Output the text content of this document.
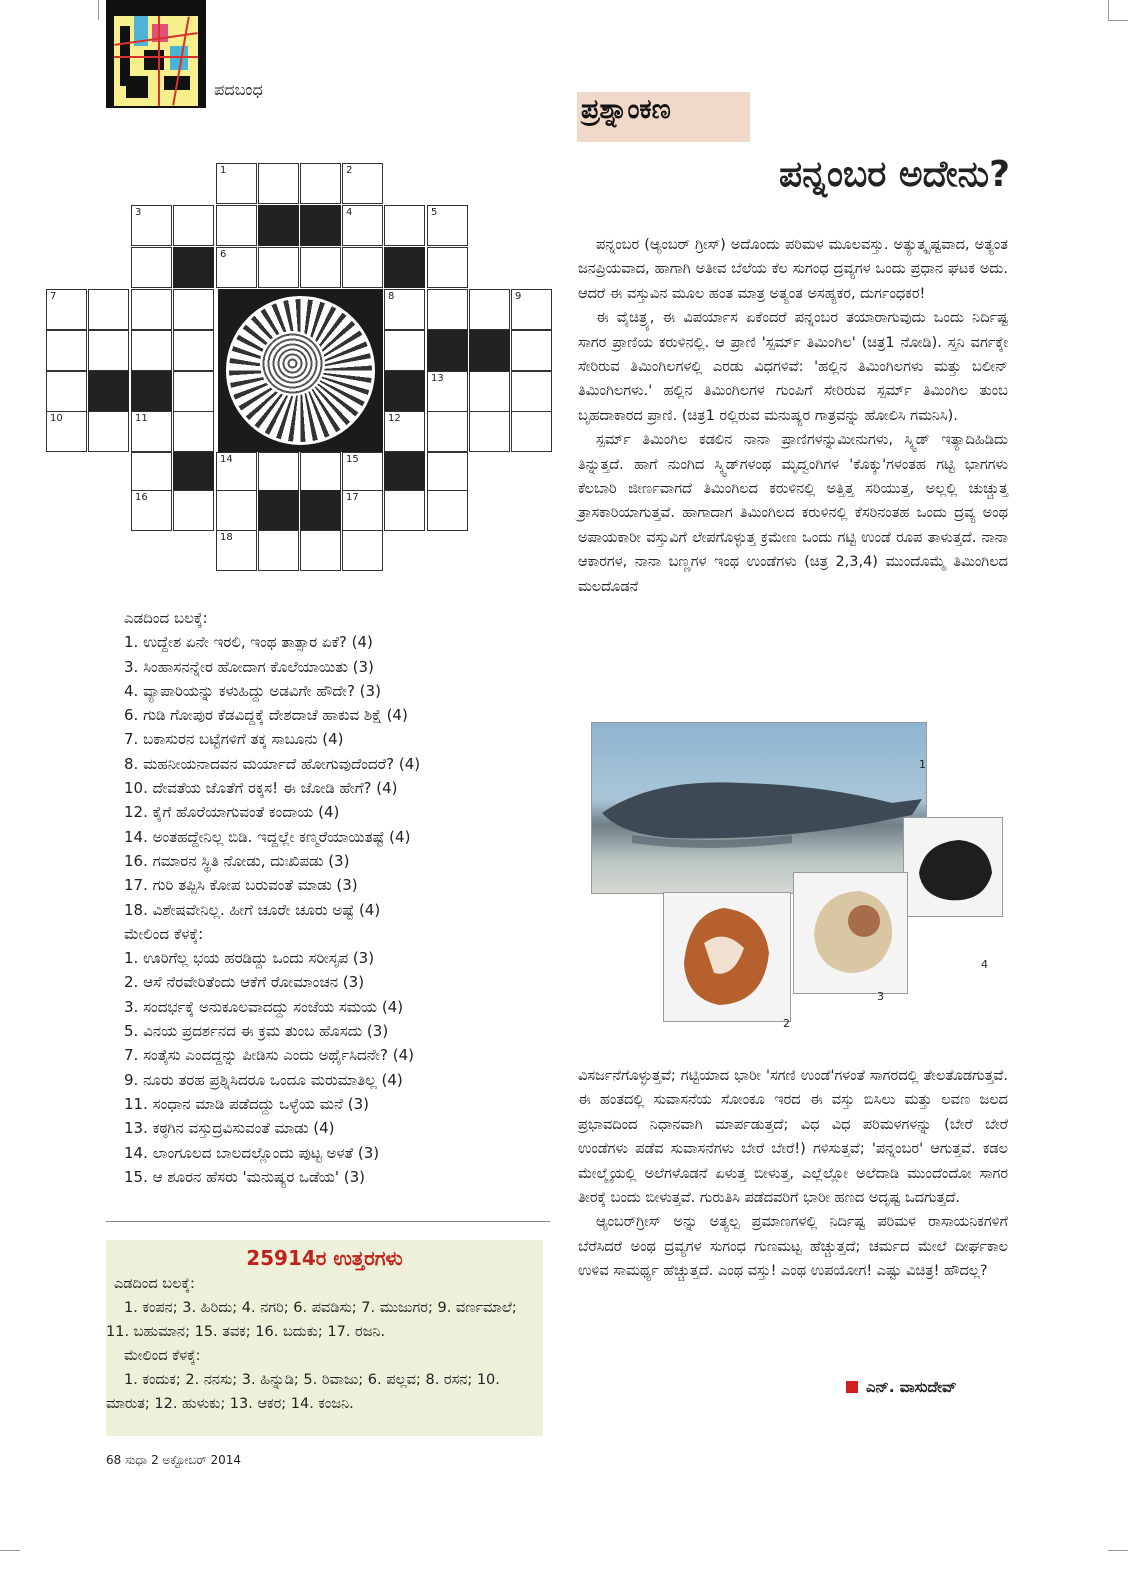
ಪದಬಂಧ
1	2
3	4	5
6
7	8	9
13
10	11	12
14	15
16	17
18
ಎಡದಿಂದ ಬಲಕ್ಕೆ:
1. ಉದ್ದೇಶ ಏನೇ ಇರಲಿ, ಇಂಥ ತಾತ್ಸಾರ ಏಕೆ? (4)
3. ಸಿಂಹಾಸನನ್ನೇರ ಹೋದಾಗ ಕೊಲೆಯಾಯಿತು (3)
4. ವ್ಯಾಪಾರಿಯನ್ನು ಕಳುಹಿದ್ದು ಅಡವಿಗೇ ಹೌದೇ? (3)
6. ಗುಡಿ ಗೋಪುರ ಕೆಡವಿದ್ದಕ್ಕೆ ದೇಶದಾಚೆ ಹಾಕುವ ಶಿಕ್ಷೆ (4)
7. ಬಕಾಸುರನ ಬಟ್ಟೆಗಳಿಗೆ ತಕ್ಕ ಸಾಬೂನು (4)
8. ಮಹನೀಯನಾದವನ ಮರ್ಯಾದೆ ಹೋಗುವುದೆಂದರೆ? (4)
10. ದೇವತೆಯ ಜೊತೆಗೆ ರಕ್ಕಸ! ಈ ಜೋಡಿ ಹೇಗೆ? (4)
12. ಕೈಗೆ ಹೊರೆಯಾಗುವಂತೆ ಕಂದಾಯ (4)
14. ಅಂತಹದ್ದೇನಿಲ್ಲ ಬಿಡಿ. ಇದ್ದಲ್ಲೇ ಕಣ್ಮರೆಯಾಯಿತಷ್ಟೆ (4)
16. ಗಮಾರನ ಸ್ಥಿತಿ ನೋಡು, ದುಃಖಿಪಡು (3)
17. ಗುರಿ ತಪ್ಪಿಸಿ ಕೋಪ ಬರುವಂತೆ ಮಾಡು (3)
18. ವಿಶೇಷವೇನಿಲ್ಲ. ಹೀಗೆ ಚೂರೇ ಚೂರು ಅಷ್ಟೆ (4)
ಮೇಲಿಂದ ಕೆಳಕ್ಕೆ:
1. ಊರಿಗೆಲ್ಲ ಭಯ ಹರಡಿದ್ದು ಒಂದು ಸರೀಸೃಪ (3)
2. ಆಸೆ ನೆರವೇರಿತೆಂದು ಆಕೆಗೆ ರೋಮಾಂಚನ (3)
3. ಸಂದರ್ಭಕ್ಕೆ ಅನುಕೂಲವಾದದ್ದು ಸಂಜೆಯ ಸಮಯ (4)
5. ವಿನಯ ಪ್ರದರ್ಶನದ ಈ ಕ್ರಮ ತುಂಬ ಹೊಸದು (3)
7. ಸಂತೈಸು ಎಂದದ್ದನ್ನು ಪೀಡಿಸು ಎಂದು ಅರ್ಥೈಸಿದನೇ? (4)
9. ನೂರು ತರಹ ಪ್ರಶ್ನಿಸಿದರೂ ಒಂದೂ ಮರುಮಾತಿಲ್ಲ (4)
11. ಸಂಧಾನ ಮಾಡಿ ಪಡೆದದ್ದು ಒಳ್ಳೆಯ ಮನೆ (3)
13. ಕಠ್ಠಗಿನ ವಸ್ತುದ್ರವಿಸುವಂತೆ ಮಾಡು (4)
14. ಲಾಂಗೂಲದ ಬಾಲದಲ್ಲೊಂದು ಪುಟ್ಟ ಅಳತೆ (3)
15. ಆ ಶೂರನ ಹೆಸರು 'ಮನುಷ್ಯರ ಒಡೆಯ' (3)
25914ರ ಉತ್ತರಗಳು
ಎಡದಿಂದ ಬಲಕ್ಕೆ:
1. ಕಂಪನ; 3. ಹಿರಿದು; 4. ನಗರಿ; 6. ಪವಡಿಸು; 7. ಮುಜುಗರ; 9. ವರ್ಣಮಾಲೆ; 11. ಬಹುಮಾನ; 15. ತವಕ; 16. ಬದುಕು; 17. ರಜನಿ.
ಮೇಲಿಂದ ಕೆಳಕ್ಕೆ:
1. ಕಂದುಕ; 2. ನನಸು; 3. ಹಿನ್ನುಡಿ; 5. ರಿವಾಜು; 6. ಪಲ್ಲವ; 8. ರಸನ; 10. ಮಾರುತ; 12. ಹುಳುಕು; 13. ಆಕರ; 14. ಕಂಜನಿ.
ಪ್ರಶ್ನಾಂಕಣ
ಪನ್ನಂಬರ ಅದೇನು?

ಪನ್ನಂಬರ (ಆ್ಯಂಬರ್ ಗ್ರೀಸ್) ಅದೊಂದು ಪರಿಮಳ ಮೂಲವಸ್ತು. ಅತ್ಯುತ್ಕೃಷ್ಟವಾದ, ಅತ್ಯಂತ ಜನಪ್ರಿಯವಾದ, ಹಾಗಾಗಿ ಅತೀವ ಬೆಲೆಯ ಕೆಲ ಸುಗಂಧ ದ್ರವ್ಯಗಳ ಒಂದು ಪ್ರಧಾನ ಘಟಕ ಅದು. ಆದರೆ ಈ ವಸ್ತುವಿನ ಮೂಲ ಹಂತ ಮಾತ್ರ ಅತ್ಯಂತ ಅಸಹ್ಯಕರ, ದುರ್ಗಂಧಕರ!

ಈ ವೈಚಿತ್ರ್ಯ, ಈ ವಿಪರ್ಯಾಸ ಏಕೆಂದರೆ ಪನ್ನಂಬರ ತಯಾರಾಗುವುದು ಒಂದು ನಿರ್ದಿಷ್ಟ ಸಾಗರ ಪ್ರಾಣಿಯ ಕರುಳಿನಲ್ಲಿ. ಆ ಪ್ರಾಣಿ 'ಸ್ಪರ್ಮ್ ತಿಮಿಂಗಿಲ' (ಚಿತ್ರ1 ನೋಡಿ). ಸ್ತನಿ ವರ್ಗಕ್ಕೇ ಸೇರಿರುವ ತಿಮಿಂಗಿಲಗಳಲ್ಲಿ ಎರಡು ವಿಧಗಳಿವೆ: 'ಹಲ್ಲಿನ ತಿಮಿಂಗಿಲಗಳು ಮತ್ತು ಬಲೀನ್ ತಿಮಿಂಗಿಲಗಳು.' ಹಲ್ಲಿನ ತಿಮಿಂಗಿಲಗಳ ಗುಂಪಿಗೆ ಸೇರಿರುವ ಸ್ಪರ್ಮ್ ತಿಮಿಂಗಿಲ ತುಂಬ ಬೃಹದಾಕಾರದ ಪ್ರಾಣಿ. (ಚಿತ್ರ1 ರಲ್ಲಿರುವ ಮನುಷ್ಯರ ಗಾತ್ರವನ್ನು ಹೋಲಿಸಿ ಗಮನಿಸಿ).

ಸ್ಪರ್ಮ್ ತಿಮಿಂಗಿಲ ಕಡಲಿನ ನಾನಾ ಪ್ರಾಣಿಗಳನ್ನುಮೀನುಗಳು, ಸ್ಕ್ವಿಡ್ ಇತ್ಯಾದಿಹಿಡಿದು ತಿನ್ನುತ್ತದೆ. ಹಾಗೆ ನುಂಗಿದ ಸ್ಕ್ವಿಡ್‌ಗಳಂಥ ಮೃದ್ವಂಗಿಗಳ 'ಕೊಕ್ಕು'ಗಳಂತಹ ಗಟ್ಟಿ ಭಾಗಗಳು ಕೆಲಬಾರಿ ಜೀರ್ಣವಾಗದೆ ತಿಮಿಂಗಿಲದ ಕರುಳಿನಲ್ಲಿ ಅತ್ತಿತ್ತ ಸರಿಯುತ್ತ, ಅಲ್ಲಲ್ಲಿ ಚುಚ್ಚುತ್ತ ತ್ರಾಸಕಾರಿಯಾಗುತ್ತವೆ. ಹಾಗಾದಾಗ ತಿಮಿಂಗಿಲದ ಕರುಳಿನಲ್ಲಿ ಕೆಸರಿನಂತಹ ಒಂದು ದ್ರವ್ಯ ಅಂಥ ಅಪಾಯಕಾರೀ ವಸ್ತುವಿಗೆ ಲೇಪಗೊಳ್ಳುತ್ತ ಕ್ರಮೇಣ ಒಂದು ಗಟ್ಟಿ ಉಂಡೆ ರೂಪ ತಾಳುತ್ತದೆ. ನಾನಾ ಆಕಾರಗಳ, ನಾನಾ ಬಣ್ಣಗಳ ಇಂಥ ಉಂಡೆಗಳು (ಚಿತ್ರ 2,3,4) ಮುಂದೊಮ್ಮೆ ತಿಮಿಂಗಿಲದ ಮಲದೊಡನೆ

1
2
3
4

ವಿಸರ್ಜನೆಗೊಳ್ಳುತ್ತವೆ; ಗಟ್ಟಿಯಾದ ಭಾರೀ 'ಸಗಣಿ ಉಂಡೆ'ಗಳಂತೆ ಸಾಗರದಲ್ಲಿ ತೇಲತೊಡಗುತ್ತವೆ. ಈ ಹಂತದಲ್ಲಿ ಸುವಾಸನೆಯ ಸೋಂಕೂ ಇರದ ಈ ವಸ್ತು ಬಿಸಿಲು ಮತ್ತು ಲವಣ ಜಲದ ಪ್ರಭಾವದಿಂದ ನಿಧಾನವಾಗಿ ಮಾರ್ಪಡುತ್ತದೆ; ವಿಧ ವಿಧ ಪರಿಮಳಗಳನ್ನು (ಬೇರೆ ಬೇರೆ ಉಂಡೆಗಳು ಪಡೆವ ಸುವಾಸನೆಗಳು ಬೇರೆ ಬೇರೆ!) ಗಳಿಸುತ್ತವೆ; 'ಪನ್ನಂಬರ' ಆಗುತ್ತವೆ. ಕಡಲ ಮೇಲ್ಮೈಯಲ್ಲಿ ಅಲೆಗಳೊಡನೆ ಏಳುತ್ತ ಬೀಳುತ್ತ, ಎಲ್ಲೆಲ್ಲೋ ಅಲೆದಾಡಿ ಮುಂದೆಂದೋ ಸಾಗರ ತೀರಕ್ಕೆ ಬಂದು ಬೀಳುತ್ತವೆ. ಗುರುತಿಸಿ ಪಡೆದವರಿಗೆ ಭಾರೀ ಹಣದ ಅದೃಷ್ಟ ಒದಗುತ್ತದೆ.

ಆ್ಯಂಬರ್‌ಗ್ರೀಸ್ ಅನ್ನು ಅತ್ಯಲ್ಪ ಪ್ರಮಾಣಗಳಲ್ಲಿ ನಿರ್ದಿಷ್ಟ ಪರಿಮಳ ರಾಸಾಯನಿಕಗಳಿಗೆ ಬೆರೆಸಿದರೆ ಅಂಥ ದ್ರವ್ಯಗಳ ಸುಗಂಧ ಗುಣಮಟ್ಟ ಹೆಚ್ಚುತ್ತದೆ; ಚರ್ಮದ ಮೇಲೆ ದೀರ್ಘಕಾಲ ಉಳಿವ ಸಾಮರ್ಥ್ಯ ಹೆಚ್ಚುತ್ತದೆ. ಎಂಥ ವಸ್ತು! ಎಂಥ ಉಪಯೋಗ! ಎಷ್ಟು ವಿಚಿತ್ರ! ಹೌದಲ್ಲ?

ಎನ್. ವಾಸುದೇವ್
68 ಸುಧಾ 2 ಅಕ್ಟೋಬರ್ 2014
